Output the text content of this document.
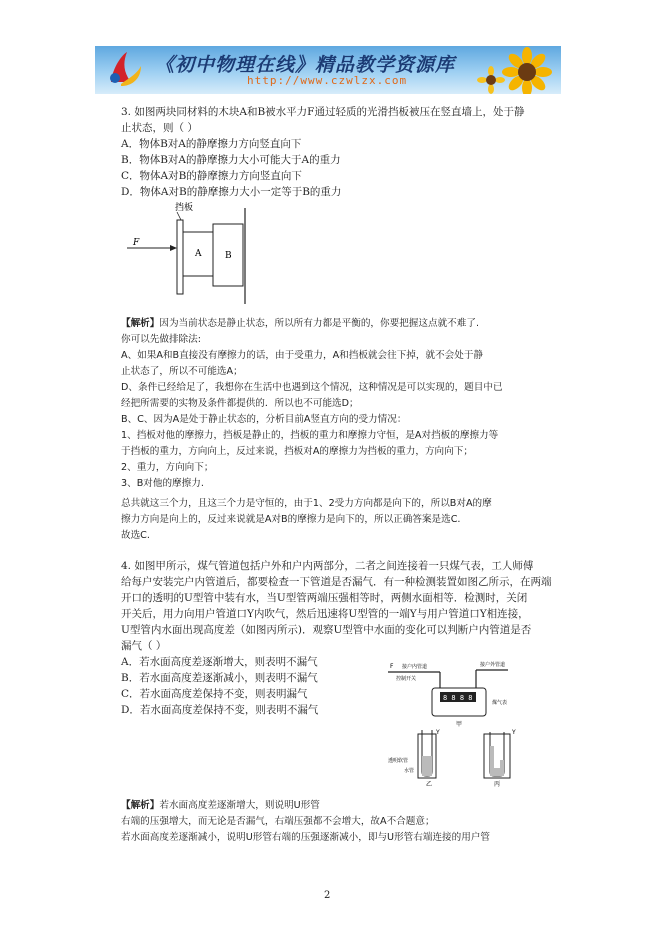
《初中物理在线》精品教学资源库
http://www.czwlzx.com
3. 如图两块同材料的木块A和B被水平力F通过轻质的光滑挡板被压在竖直墙上，处于静
止状态，则（ ）
A．物体B对A的静摩擦力方向竖直向下
B．物体B对A的静摩擦力大小可能大于A的重力
C．物体A对B的静摩擦力方向竖直向下
D．物体A对B的静摩擦力大小一定等于B的重力
挡板
F
A	B
【解析】因为当前状态是静止状态，所以所有力都是平衡的，你要把握这点就不难了.
你可以先做排除法:
A、如果A和B直接没有摩擦力的话，由于受重力，A和挡板就会往下掉，就不会处于静
止状态了，所以不可能选A；
D、条件已经给足了，我想你在生活中也遇到这个情况，这种情况是可以实现的，题目中已
经把所需要的实物及条件都提供的．所以也不可能选D；
B、C、因为A是处于静止状态的，分析目前A竖直方向的受力情况：
1、挡板对他的摩擦力，挡板是静止的，挡板的重力和摩擦力守恒，是A对挡板的摩擦力等
于挡板的重力，方向向上，反过来说，挡板对A的摩擦力为挡板的重力，方向向下；
2、重力，方向向下；
3、B对他的摩擦力.
总共就这三个力，且这三个力是守恒的，由于1、2受力方向都是向下的，所以B对A的摩
擦力方向是向上的，反过来说就是A对B的摩擦力是向下的，所以正确答案是选C.
故选C.
4. 如图甲所示，煤气管道包括户外和户内两部分，二者之间连接着一只煤气表，工人师傅
给每户安装完户内管道后，都要检查一下管道是否漏气．有一种检测装置如图乙所示，在两端
开口的透明的U型管中装有水，当U型管两端压强相等时，两侧水面相等．检测时，关闭
开关后，用力向用户管道口Y内吹气，然后迅速将U型管的一端Y与用户管道口Y相连接，
U型管内水面出现高度差（如图丙所示)．观察U型管中水面的变化可以判断户内管道是否
漏气（ ）
A．若水面高度差逐渐增大，则表明不漏气
B．若水面高度差逐渐减小，则表明不漏气
C．若水面高度差保持不变，则表明漏气
D．若水面高度差保持不变，则表明不漏气
F 接户内管道	接户外管道
控制开关
8 8 8 8
煤气表
甲
Y
透明软管
水管
乙
Y
丙
【解析】若水面高度差逐渐增大，则说明U形管
右端的压强增大，而无论是否漏气，右端压强都不会增大，故A不合题意；
若水面高度差逐渐减小，说明U形管右端的压强逐渐减小，即与U形管右端连接的用户管
2
